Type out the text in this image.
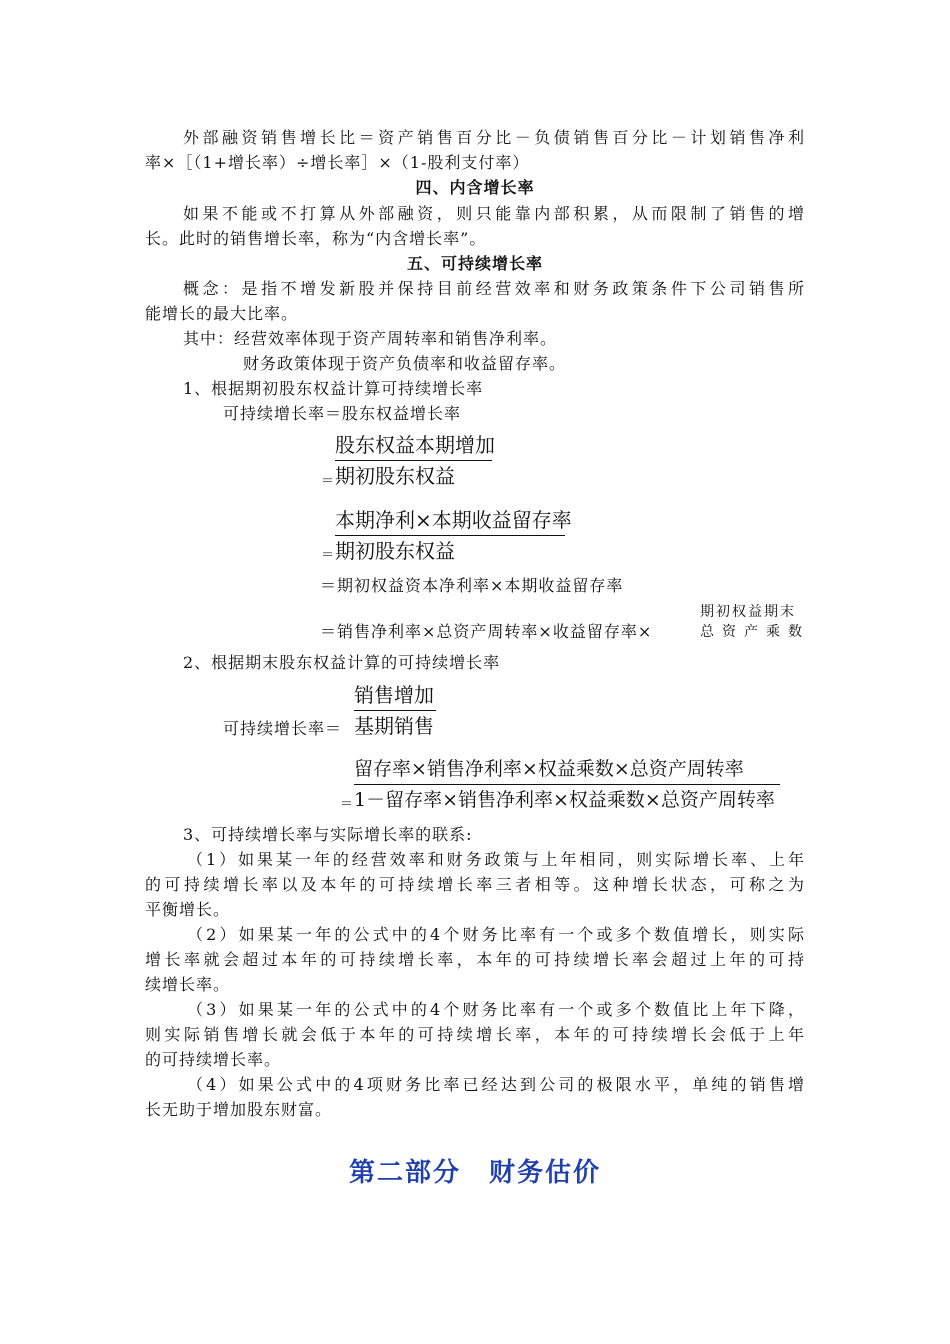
外部融资销售增长比＝资产销售百分比－负债销售百分比－计划销售净利
率×［（1+增长率）÷增长率］×（1-股利支付率）
四、内含增长率
如果不能或不打算从外部融资，则只能靠内部积累，从而限制了销售的增
长。此时的销售增长率，称为“内含增长率”。
五、可持续增长率
概念：是指不增发新股并保持目前经营效率和财务政策条件下公司销售所
能增长的最大比率。
其中：经营效率体现于资产周转率和销售净利率。
财务政策体现于资产负债率和收益留存率。
1、根据期初股东权益计算可持续增长率
可持续增长率＝股东权益增长率
＝
股东权益本期增加
期初股东权益
＝
本期净利×本期收益留存率
期初股东权益
＝期初权益资本净利率×本期收益留存率
＝销售净利率×总资产周转率×收益留存率×
期初权益期末
总资产乘数
2、根据期末股东权益计算的可持续增长率
可持续增长率＝
销售增加
基期销售
＝
留存率×销售净利率×权益乘数×总资产周转率
1－留存率×销售净利率×权益乘数×总资产周转率
3、可持续增长率与实际增长率的联系:
（1）如果某一年的经营效率和财务政策与上年相同，则实际增长率、上年
的可持续增长率以及本年的可持续增长率三者相等。这种增长状态，可称之为
平衡增长。
（2）如果某一年的公式中的4个财务比率有一个或多个数值增长，则实际
增长率就会超过本年的可持续增长率，本年的可持续增长率会超过上年的可持
续增长率。
（3）如果某一年的公式中的4个财务比率有一个或多个数值比上年下降，
则实际销售增长就会低于本年的可持续增长率，本年的可持续增长会低于上年
的可持续增长率。
（4）如果公式中的4项财务比率已经达到公司的极限水平，单纯的销售增
长无助于增加股东财富。
第二部分　财务估价
